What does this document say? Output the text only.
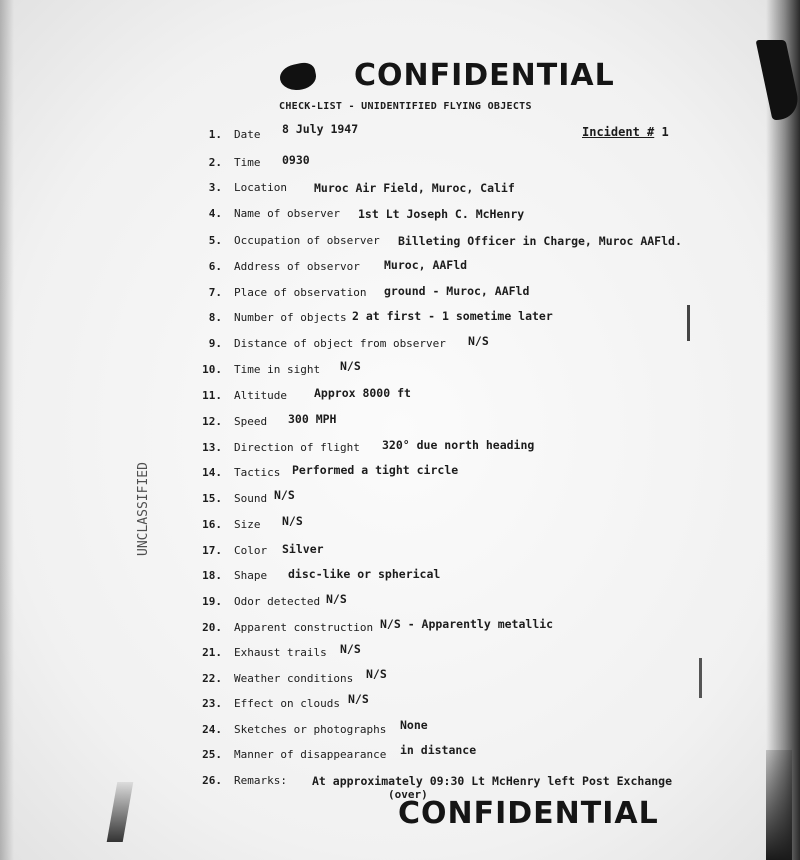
CONFIDENTIAL
CHECK-LIST - UNIDENTIFIED FLYING OBJECTS
Incident # 1
UNCLASSIFIED
1. Date 8 July 1947
2. Time 0930
3. Location Muroc Air Field, Muroc, Calif
4. Name of observer 1st Lt Joseph C. McHenry
5. Occupation of observer Billeting Officer in Charge, Muroc AAFld.
6. Address of observor Muroc, AAFld
7. Place of observation ground - Muroc, AAFld
8. Number of objects 2 at first - 1 sometime later
9. Distance of object from observer N/S
10. Time in sight N/S
11. Altitude Approx 8000 ft
12. Speed 300 MPH
13. Direction of flight 320° due north heading
14. Tactics Performed a tight circle
15. Sound N/S
16. Size N/S
17. Color Silver
18. Shape disc-like or spherical
19. Odor detected N/S
20. Apparent construction N/S - Apparently metallic
21. Exhaust trails N/S
22. Weather conditions N/S
23. Effect on clouds N/S
24. Sketches or photographs None
25. Manner of disappearance in distance
26. Remarks: At approximately 09:30 Lt McHenry left Post Exchange
(over)
CONFIDENTIAL
